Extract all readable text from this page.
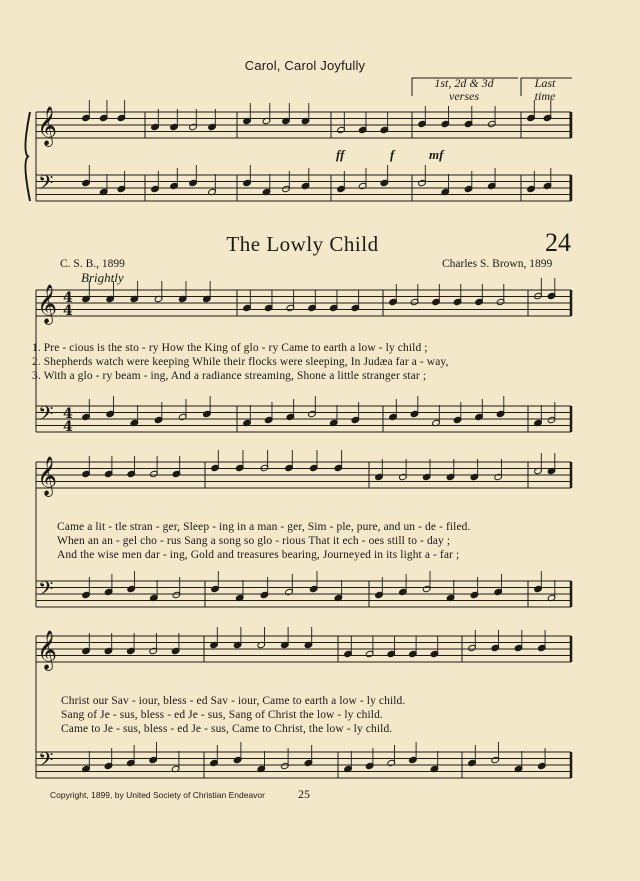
𝄞
𝄢
𝄞
𝄢
𝄞
𝄢
𝄞
𝄢
4
4
4
4
Carol, Carol Joyfully
1st, 2d & 3d
verses
Last
time
ff	f	mf
The Lowly Child	24
C. S. B., 1899	Charles S. Brown, 1899
Brightly
1. Pre - cious is the sto - ry How the King of glo - ry Came to earth a low - ly child ;
2. Shepherds watch were keeping While their flocks were sleeping, In Judæa far a - way,
3. With a glo - ry beam - ing, And a radiance streaming, Shone a little stranger star ;
Came a lit - tle stran - ger, Sleep - ing in a man - ger, Sim - ple, pure, and un - de - filed.
When an an - gel cho - rus Sang a song so glo - rious That it ech - oes still to - day ;
And the wise men dar - ing, Gold and treasures bearing, Journeyed in its light a - far ;
Christ our Sav - iour, bless - ed Sav - iour, Came to earth a low - ly child.
Sang of Je - sus, bless - ed Je - sus, Sang of Christ the low - ly child.
Came to Je - sus, bless - ed Je - sus, Came to Christ, the low - ly child.
Copyright, 1899, by United Society of Christian Endeavor	25
